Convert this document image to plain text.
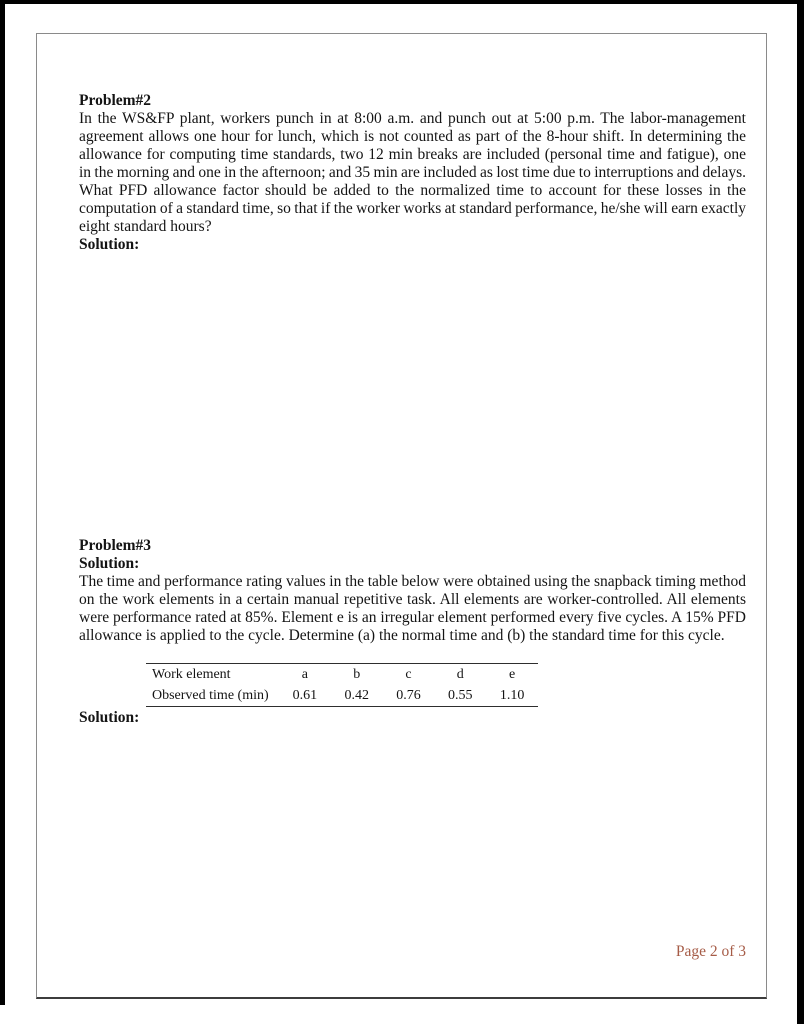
Problem#2
In the WS&FP plant, workers punch in at 8:00 a.m. and punch out at 5:00 p.m. The labor-management
agreement allows one hour for lunch, which is not counted as part of the 8-hour shift. In determining the
allowance for computing time standards, two 12 min breaks are included (personal time and fatigue), one
in the morning and one in the afternoon; and 35 min are included as lost time due to interruptions and delays.
What PFD allowance factor should be added to the normalized time to account for these losses in the
computation of a standard time, so that if the worker works at standard performance, he/she will earn exactly
eight standard hours?
Solution:
Problem#3
Solution:
The time and performance rating values in the table below were obtained using the snapback timing method
on the work elements in a certain manual repetitive task. All elements are worker-controlled. All elements
were performance rated at 85%. Element e is an irregular element performed every five cycles. A 15% PFD
allowance is applied to the cycle. Determine (a) the normal time and (b) the standard time for this cycle.
Work element	a	b	c	d	e
Observed time (min)	0.61	0.42	0.76	0.55	1.10
Solution:
Page 2 of 3
